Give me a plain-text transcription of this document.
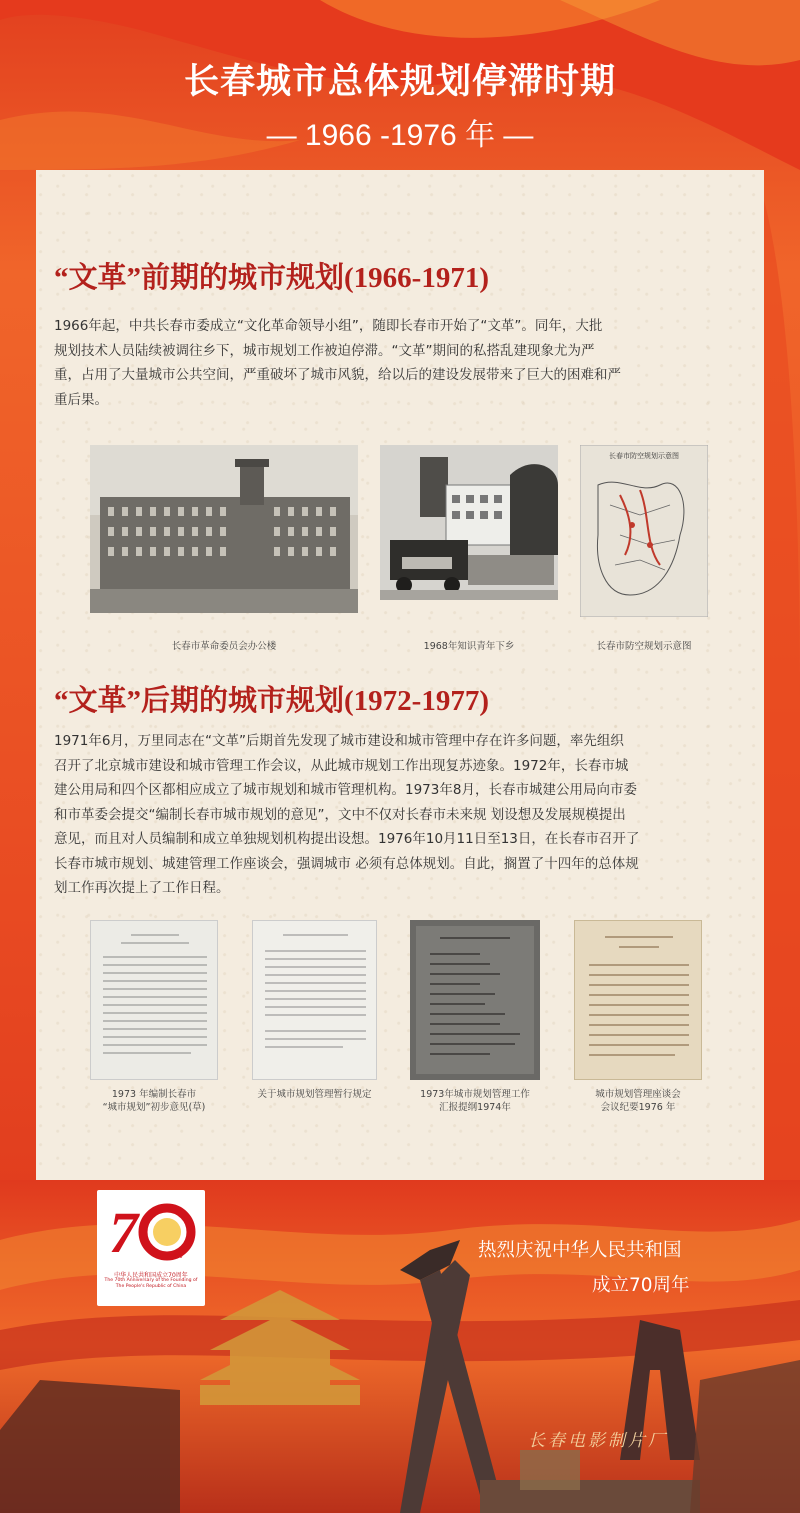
长春城市总体规划停滞时期
— 1966 -1976 年 —
“文革”前期的城市规划(1966-1971)
1966年起，中共长春市委成立“文化革命领导小组”，随即长春市开始了“文革”。同年，大批
规划技术人员陆续被调往乡下，城市规划工作被迫停滞。“文革”期间的私搭乱建现象尤为严
重，占用了大量城市公共空间，严重破坏了城市风貌，给以后的建设发展带来了巨大的困难和严
重后果。
长春市革命委员会办公楼	1968年知识青年下乡
长春市防空规划示意图
长春市防空规划示意图
“文革”后期的城市规划(1972-1977)
1971年6月，万里同志在“文革”后期首先发现了城市建设和城市管理中存在许多问题，率先组织
召开了北京城市建设和城市管理工作会议，从此城市规划工作出现复苏迹象。1972年，长春市城
建公用局和四个区都相应成立了城市规划和城市管理机构。1973年8月，长春市城建公用局向市委
和市革委会提交“编制长春市城市规划的意见”，文中不仅对长春市未来规 划设想及发展规模提出
意见，而且对人员编制和成立单独规划机构提出设想。1976年10月11日至13日，在长春市召开了
长春市城市规划、城建管理工作座谈会，强调城市 必须有总体规划。自此，搁置了十四年的总体规
划工作再次提上了工作日程。
1973 年编制长春市
“城市规划”初步意见(草)
关于城市规划管理暂行规定	1973年城市规划管理工作
汇报提纲1974年
城市规划管理座谈会
会议纪要1976 年
7	1949-2019
中华人民共和国成立70周年
The 70th Anniversary of the Founding of
The People's Republic of China
热烈庆祝中华人民共和国
成立70周年
长春电影制片厂
